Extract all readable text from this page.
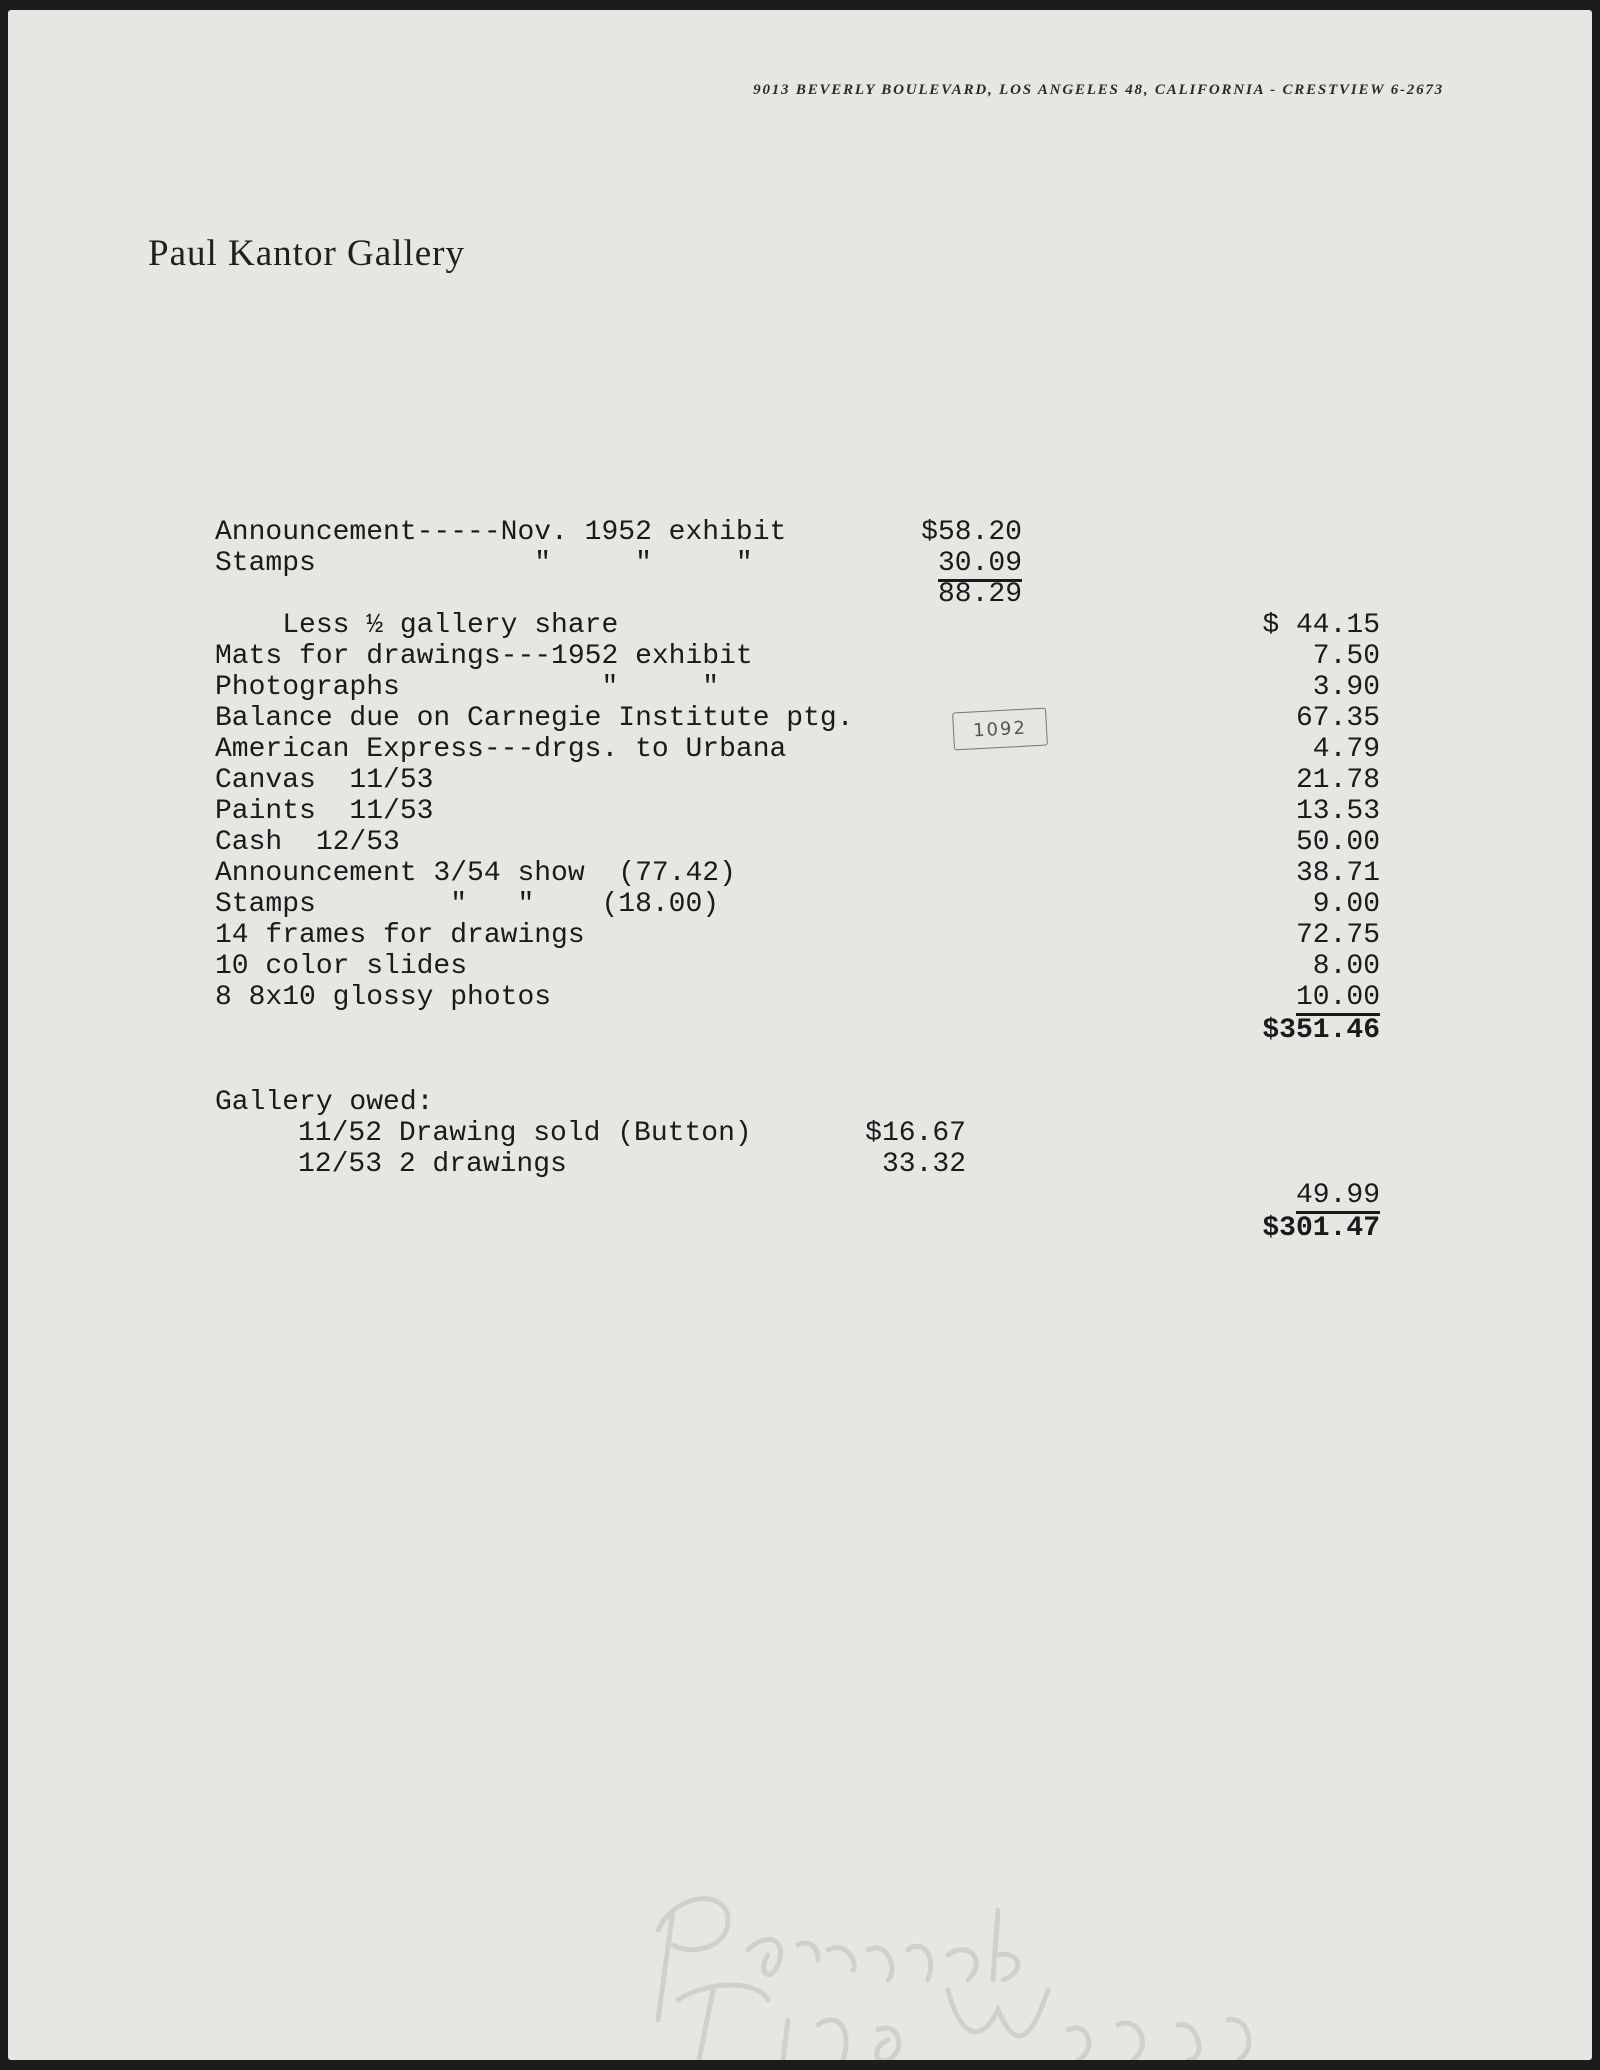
9013 BEVERLY BOULEVARD, LOS ANGELES 48, CALIFORNIA - CRESTVIEW 6-2673
Paul Kantor Gallery
Announcement-----Nov. 1952 exhibit	$58.20
Stamps             "     "     "	30.09
88.29
Less ½ gallery share	$ 44.15
Mats for drawings---1952 exhibit	7.50
Photographs            "     "	3.90
Balance due on Carnegie Institute ptg.	67.35
American Express---drgs. to Urbana	4.79
Canvas  11/53	21.78
Paints  11/53	13.53
Cash  12/53	50.00
Announcement 3/54 show  (77.42)	38.71
Stamps        "   "    (18.00)	9.00
14 frames for drawings	72.75
10 color slides	8.00
8 8x10 glossy photos	10.00
$351.46
1092
Gallery owed:
11/52 Drawing sold (Button)	$16.67
12/53 2 drawings	33.32
49.99
$301.47
